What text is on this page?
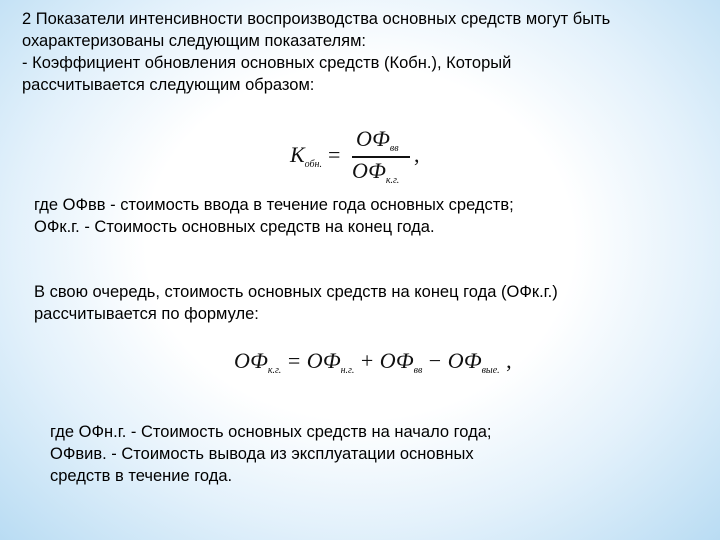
2 Показатели интенсивности воспроизводства основных средств могут быть
охарактеризованы следующим показателям:
- Коэффициент обновления основных средств (Кобн.), Который
рассчитывается следующим образом:

$К_{обн.}$ =
$ОФ_{вв}$
$ОФ_{к.г.}$
,

где ОФвв - стоимость ввода в течение года основных средств;
ОФк.г. - Стоимость основных средств на конец года.

В свою очередь, стоимость основных средств на конец года (ОФк.г.)
рассчитывается по формуле:

$ОФ_{к.г.} = ОФ_{н.г.} + ОФ_{вв} - ОФ_{вые.}$ ,

где ОФн.г. - Стоимость основных средств на начало года;
ОФвив. - Стоимость вывода из эксплуатации основных
средств в течение года.
